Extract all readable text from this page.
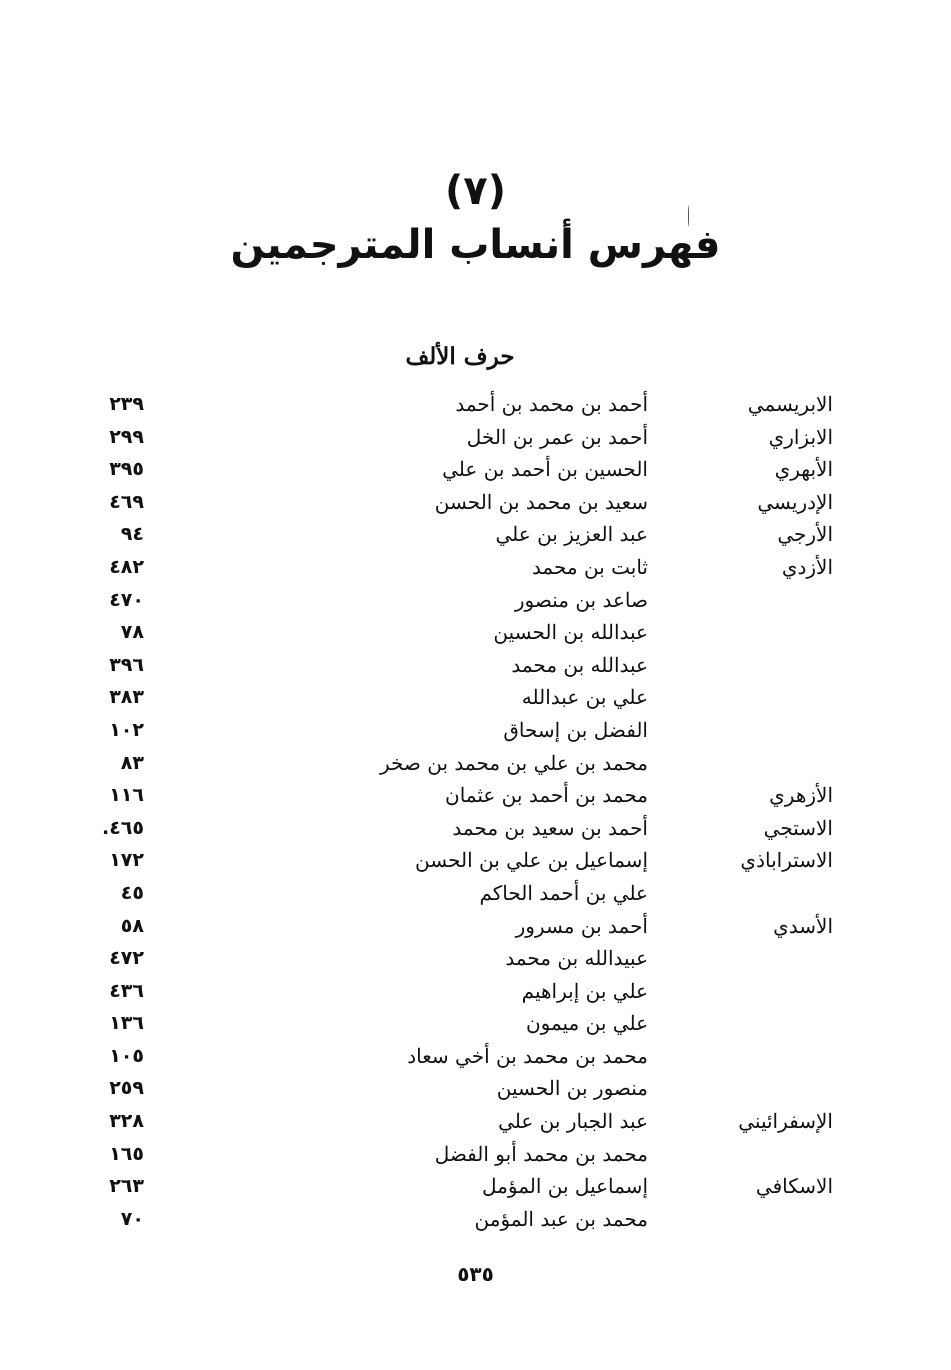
(٧)
فهرس أنساب المترجمين
حرف الألف
الابريسمي
أحمد بن محمد بن أحمد
٢٣٩
الابزاري
أحمد بن عمر بن الخل
٢٩٩
الأبهري
الحسين بن أحمد بن علي
٣٩٥
الإدريسي
سعيد بن محمد بن الحسن
٤٦٩
الأرجي
عبد العزيز بن علي
٩٤
الأزدي
ثابت بن محمد
٤٨٢
صاعد بن منصور
٤٧٠
عبدالله بن الحسين
٧٨
عبدالله بن محمد
٣٩٦
علي بن عبدالله
٣٨٣
الفضل بن إسحاق
١٠٢
محمد بن علي بن محمد بن صخر
٨٣
الأزهري
محمد بن أحمد بن عثمان
١١٦
الاستجي
أحمد بن سعيد بن محمد
.٤٦٥
الاستراباذي
إسماعيل بن علي بن الحسن
١٧٢
علي بن أحمد الحاكم
٤٥
الأسدي
أحمد بن مسرور
٥٨
عبيدالله بن محمد
٤٧٢
علي بن إبراهيم
٤٣٦
علي بن ميمون
١٣٦
محمد بن محمد بن أخي سعاد
١٠٥
منصور بن الحسين
٢٥٩
الإسفرائيني
عبد الجبار بن علي
٣٢٨
محمد بن محمد أبو الفضل
١٦٥
الاسكافي
إسماعيل بن المؤمل
٢٦٣
محمد بن عبد المؤمن
٧٠
٥٣٥
